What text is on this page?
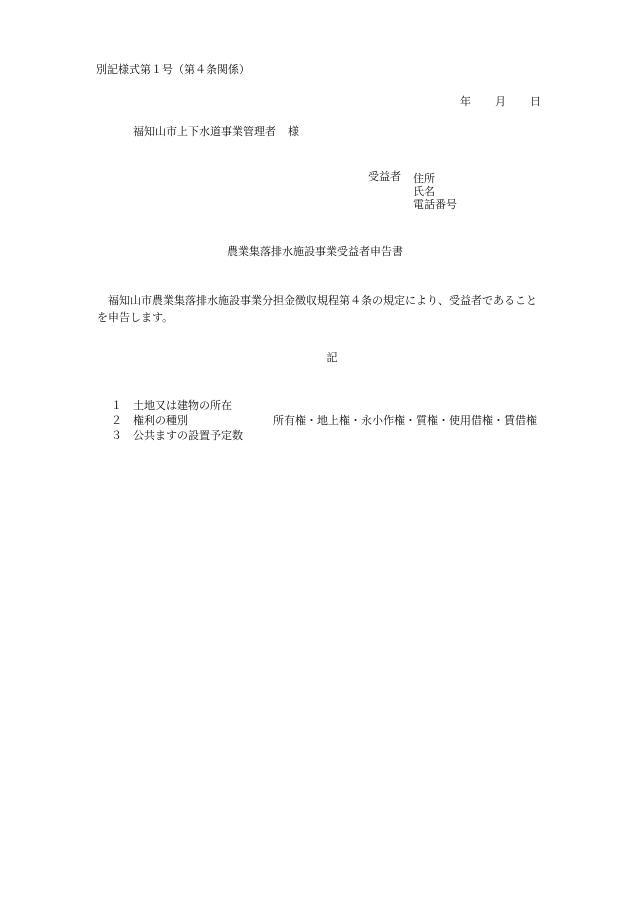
別記様式第１号（第４条関係）
年 月 日
福知山市上下水道事業管理者 様
受益者 住所
氏名
電話番号
農業集落排水施設事業受益者申告書
福知山市農業集落排水施設事業分担金徴収規程第４条の規定により、受益者であることを申告します。
記
１ 土地又は建物の所在
２ 権利の種別	所有権・地上権・永小作権・質権・使用借権・賃借権
３ 公共ますの設置予定数
